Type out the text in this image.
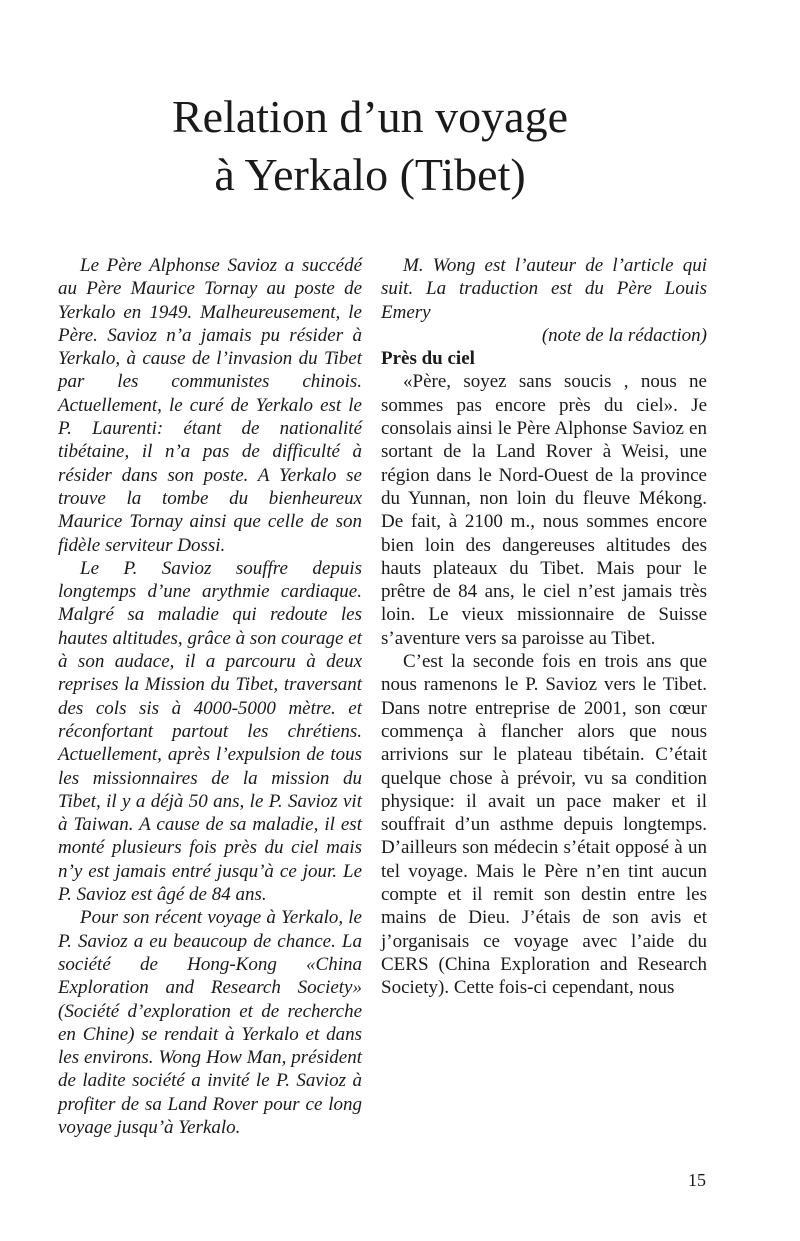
Relation d’un voyage
à Yerkalo (Tibet)

Le Père Alphonse Savioz a succédé au Père Maurice Tornay au poste de Yerkalo en 1949. Malheureusement, le Père. Savioz n’a jamais pu résider à Yerkalo, à cause de l’invasion du Tibet par les communistes chinois. Actuellement, le curé de Yerkalo est le P. Laurenti: étant de nationalité tibétaine, il n’a pas de difficulté à résider dans son poste. A Yerkalo se trouve la tombe du bienheureux Maurice Tornay ainsi que celle de son fidèle serviteur Dossi.

Le P. Savioz souffre depuis longtemps d’une arythmie cardiaque. Malgré sa maladie qui redoute les hautes altitudes, grâce à son courage et à son audace, il a parcouru à deux reprises la Mission du Tibet, traversant des cols sis à 4000-5000 mètre. et réconfortant partout les chrétiens. Actuellement, après l’expulsion de tous les missionnaires de la mission du Tibet, il y a déjà 50 ans, le P. Savioz vit à Taiwan. A cause de sa maladie, il est monté plusieurs fois près du ciel mais n’y est jamais entré jusqu’à ce jour. Le P. Savioz est âgé de 84 ans.

Pour son récent voyage à Yerkalo, le P. Savioz a eu beaucoup de chance. La société de Hong-Kong «China Exploration and Research Society» (Société d’exploration et de recherche en Chine) se rendait à Yerkalo et dans les environs. Wong How Man, président de ladite société a invité le P. Savioz à profiter de sa Land Rover pour ce long voyage jusqu’à Yerkalo.

M. Wong est l’auteur de l’article qui suit. La traduction est du Père Louis Emery

(note de la rédaction)

Près du ciel

«Père, soyez sans soucis , nous ne sommes pas encore près du ciel». Je consolais ainsi le Père Alphonse Savioz en sortant de la Land Rover à Weisi, une région dans le Nord-Ouest de la province du Yunnan, non loin du fleuve Mékong. De fait, à 2100 m., nous sommes encore bien loin des dangereuses altitudes des hauts plateaux du Tibet. Mais pour le prêtre de 84 ans, le ciel n’est jamais très loin. Le vieux missionnaire de Suisse s’aventure vers sa paroisse au Tibet.

C’est la seconde fois en trois ans que nous ramenons le P. Savioz vers le Tibet. Dans notre entreprise de 2001, son cœur commença à flancher alors que nous arrivions sur le plateau tibétain. C’était quelque chose à prévoir, vu sa condition physique: il avait un pace maker et il souffrait d’un asthme depuis longtemps. D’ailleurs son médecin s’était opposé à un tel voyage. Mais le Père n’en tint aucun compte et il remit son destin entre les mains de Dieu. J’étais de son avis et j’organisais ce voyage avec l’aide du CERS (China Exploration and Research Society). Cette fois-ci cependant, nous

15
